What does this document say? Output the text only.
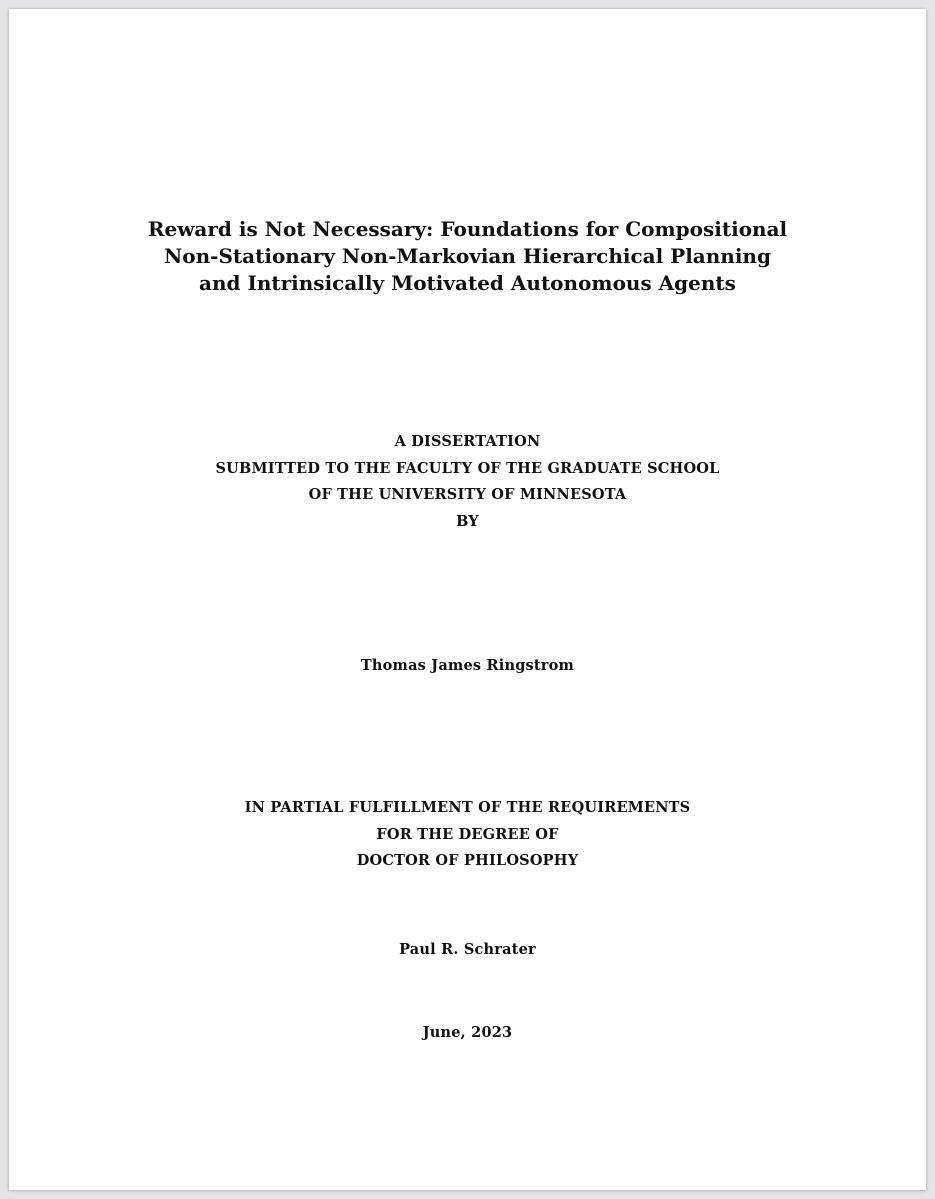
Reward is Not Necessary: Foundations for Compositional
Non-Stationary Non-Markovian Hierarchical Planning
and Intrinsically Motivated Autonomous Agents
A DISSERTATION
SUBMITTED TO THE FACULTY OF THE GRADUATE SCHOOL
OF THE UNIVERSITY OF MINNESOTA
BY
Thomas James Ringstrom
IN PARTIAL FULFILLMENT OF THE REQUIREMENTS
FOR THE DEGREE OF
DOCTOR OF PHILOSOPHY
Paul R. Schrater
June, 2023
